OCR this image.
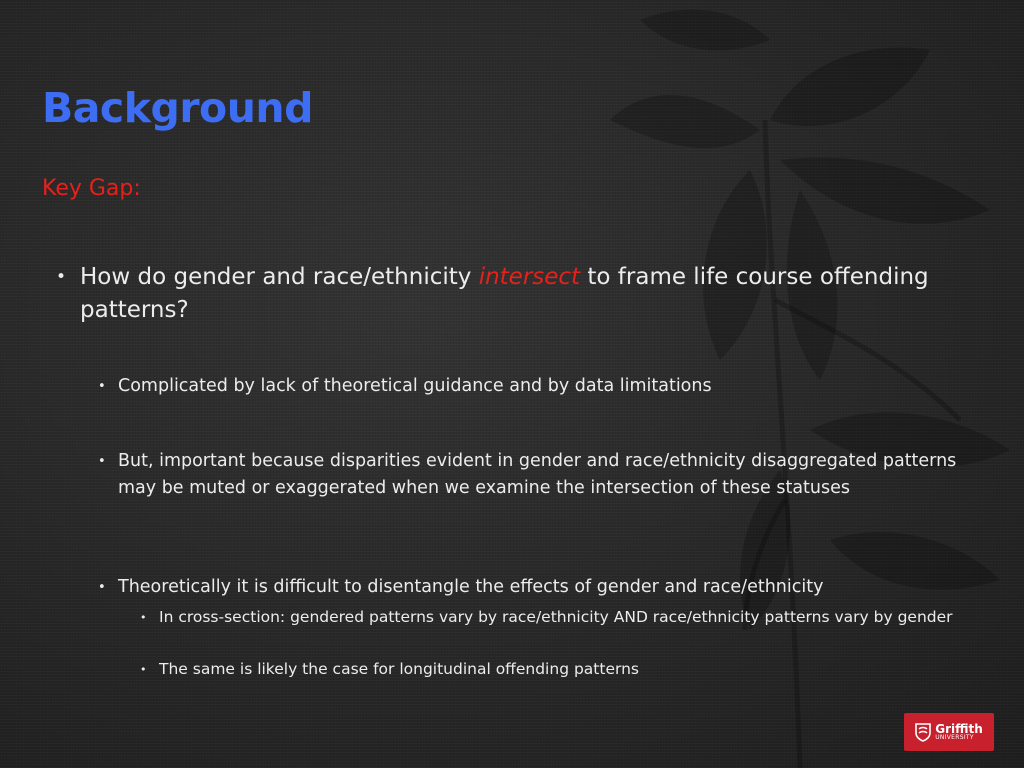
Background
Key Gap:
• How do gender and race/ethnicity intersect to frame life course offending patterns?
• Complicated by lack of theoretical guidance and by data limitations
• But, important because disparities evident in gender and race/ethnicity disaggregated patterns may be muted or exaggerated when we examine the intersection of these statuses
• Theoretically it is difficult to disentangle the effects of gender and race/ethnicity
• In cross-section: gendered patterns vary by race/ethnicity AND race/ethnicity patterns vary by gender
• The same is likely the case for longitudinal offending patterns
Griffith
UNIVERSITY
